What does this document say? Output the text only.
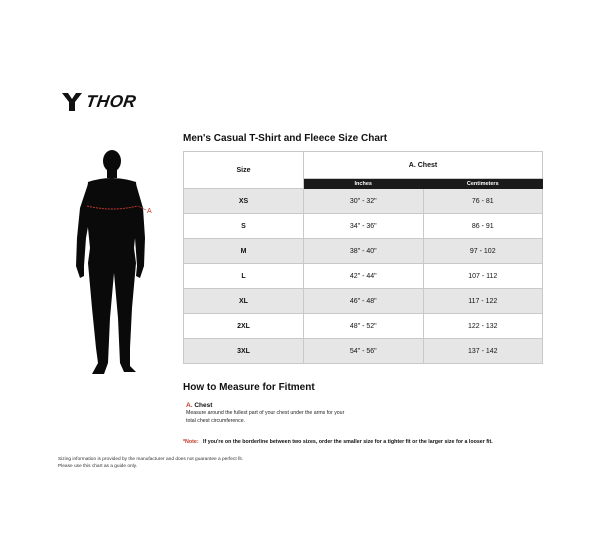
THOR
A
Men's Casual T-Shirt and Fleece Size Chart
Size	A. Chest	
	Inches	Centimeters
XS	30" - 32"	76 - 81
S	34" - 36"	86 - 91
M	38" - 40"	97 - 102
L	42" - 44"	107 - 112
XL	46" - 48"	117 - 122
2XL	48" - 52"	122 - 132
3XL	54" - 56"	137 - 142
How to Measure for Fitment
A. Chest
Measure around the fullest part of your chest under the arms for your
total chest circumference.
*Note: If you're on the borderline between two sizes, order the smaller size for a tighter fit or the larger size for a looser fit.
Sizing information is provided by the manufacturer and does not guarantee a perfect fit.
Please use this chart as a guide only.
